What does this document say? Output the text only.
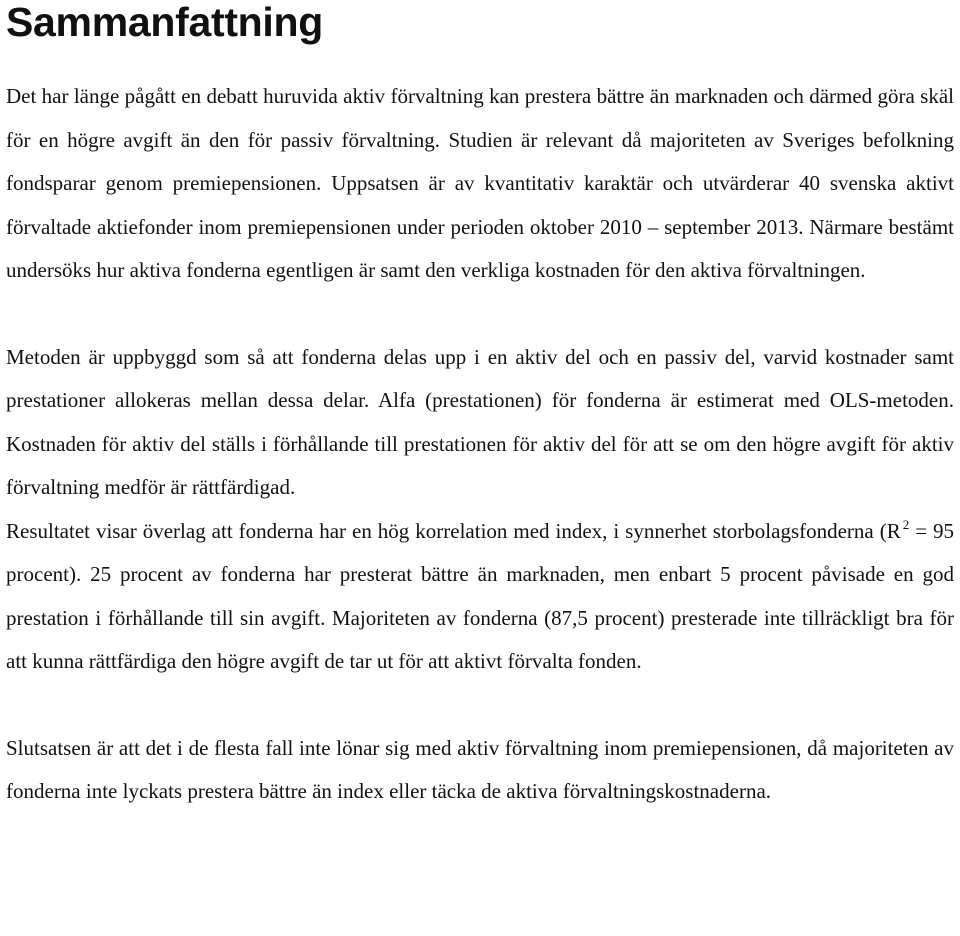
Sammanfattning

Det har länge pågått en debatt huruvida aktiv förvaltning kan prestera bättre än marknaden och därmed göra skäl för en högre avgift än den för passiv förvaltning. Studien är relevant då majoriteten av Sveriges befolkning fondsparar genom premiepensionen. Uppsatsen är av kvantitativ karaktär och utvärderar 40 svenska aktivt förvaltade aktiefonder inom premiepensionen under perioden oktober 2010 – september 2013. Närmare bestämt undersöks hur aktiva fonderna egentligen är samt den verkliga kostnaden för den aktiva förvaltningen.

Metoden är uppbyggd som så att fonderna delas upp i en aktiv del och en passiv del, varvid kostnader samt prestationer allokeras mellan dessa delar. Alfa (prestationen) för fonderna är estimerat med OLS-metoden. Kostnaden för aktiv del ställs i förhållande till prestationen för aktiv del för att se om den högre avgift för aktiv förvaltning medför är rättfärdigad.

Resultatet visar överlag att fonderna har en hög korrelation med index, i synnerhet storbolagsfonderna (R $^2$ = 95 procent). 25 procent av fonderna har presterat bättre än marknaden, men enbart 5 procent påvisade en god prestation i förhållande till sin avgift. Majoriteten av fonderna (87,5 procent) presterade inte tillräckligt bra för att kunna rättfärdiga den högre avgift de tar ut för att aktivt förvalta fonden.

Slutsatsen är att det i de flesta fall inte lönar sig med aktiv förvaltning inom premiepensionen, då majoriteten av fonderna inte lyckats prestera bättre än index eller täcka de aktiva förvaltningskostnaderna.
